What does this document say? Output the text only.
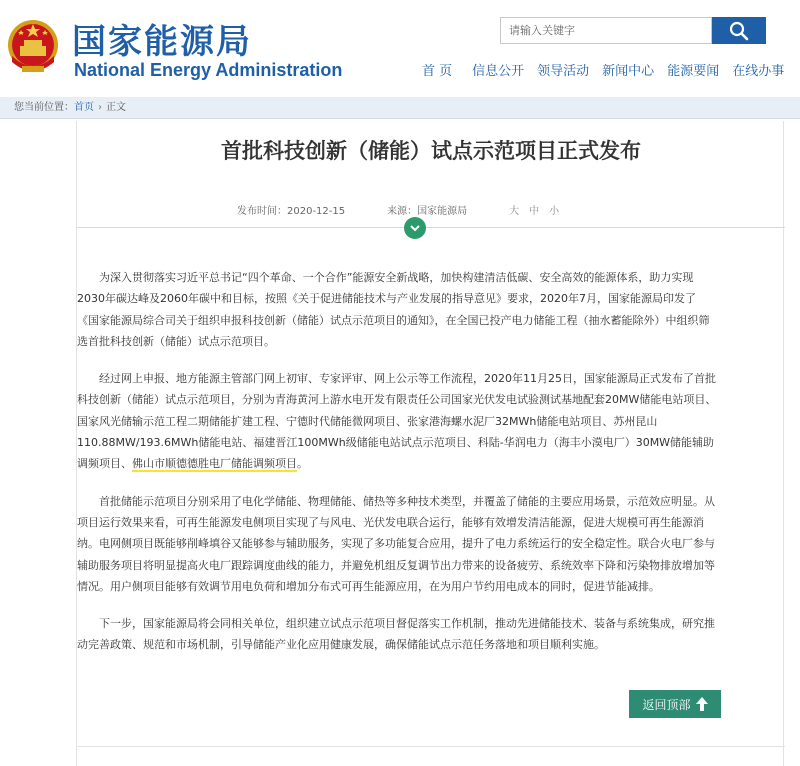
国家能源局
National Energy Administration
请输入关键字	首 页 信息公开 领导活动 新闻中心 能源要闻 在线办事
您当前位置：首页 › 正文
首批科技创新（储能）试点示范项目正式发布
发布时间：2020-12-15	来源：国家能源局	大 中 小

为深入贯彻落实习近平总书记“四个革命、一个合作”能源安全新战略，加快构建清洁低碳、安全高效的能源体系，助力实现2030年碳达峰及2060年碳中和目标，按照《关于促进储能技术与产业发展的指导意见》要求，2020年7月，国家能源局印发了《国家能源局综合司关于组织申报科技创新（储能）试点示范项目的通知》，在全国已投产电力储能工程（抽水蓄能除外）中组织筛选首批科技创新（储能）试点示范项目。

经过网上申报、地方能源主管部门网上初审、专家评审、网上公示等工作流程，2020年11月25日，国家能源局正式发布了首批科技创新（储能）试点示范项目，分别为青海黄河上游水电开发有限责任公司国家光伏发电试验测试基地配套20MW储能电站项目、国家风光储输示范工程二期储能扩建工程、宁德时代储能微网项目、张家港海螺水泥厂32MWh储能电站项目、苏州昆山110.88MW/193.6MWh储能电站、福建晋江100MWh级储能电站试点示范项目、科陆-华润电力（海丰小漠电厂）30MW储能辅助调频项目、佛山市顺德德胜电厂储能调频项目。

首批储能示范项目分别采用了电化学储能、物理储能、储热等多种技术类型，并覆盖了储能的主要应用场景，示范效应明显。从项目运行效果来看，可再生能源发电侧项目实现了与风电、光伏发电联合运行，能够有效增发清洁能源，促进大规模可再生能源消纳。电网侧项目既能够削峰填谷又能够参与辅助服务，实现了多功能复合应用，提升了电力系统运行的安全稳定性。联合火电厂参与辅助服务项目将明显提高火电厂跟踪调度曲线的能力，并避免机组反复调节出力带来的设备疲劳、系统效率下降和污染物排放增加等情况。用户侧项目能够有效调节用电负荷和增加分布式可再生能源应用，在为用户节约用电成本的同时，促进节能减排。

下一步，国家能源局将会同相关单位，组织建立试点示范项目督促落实工作机制，推动先进储能技术、装备与系统集成，研究推动完善政策、规范和市场机制，引导储能产业化应用健康发展，确保储能试点示范任务落地和项目顺利实施。

返回顶部
